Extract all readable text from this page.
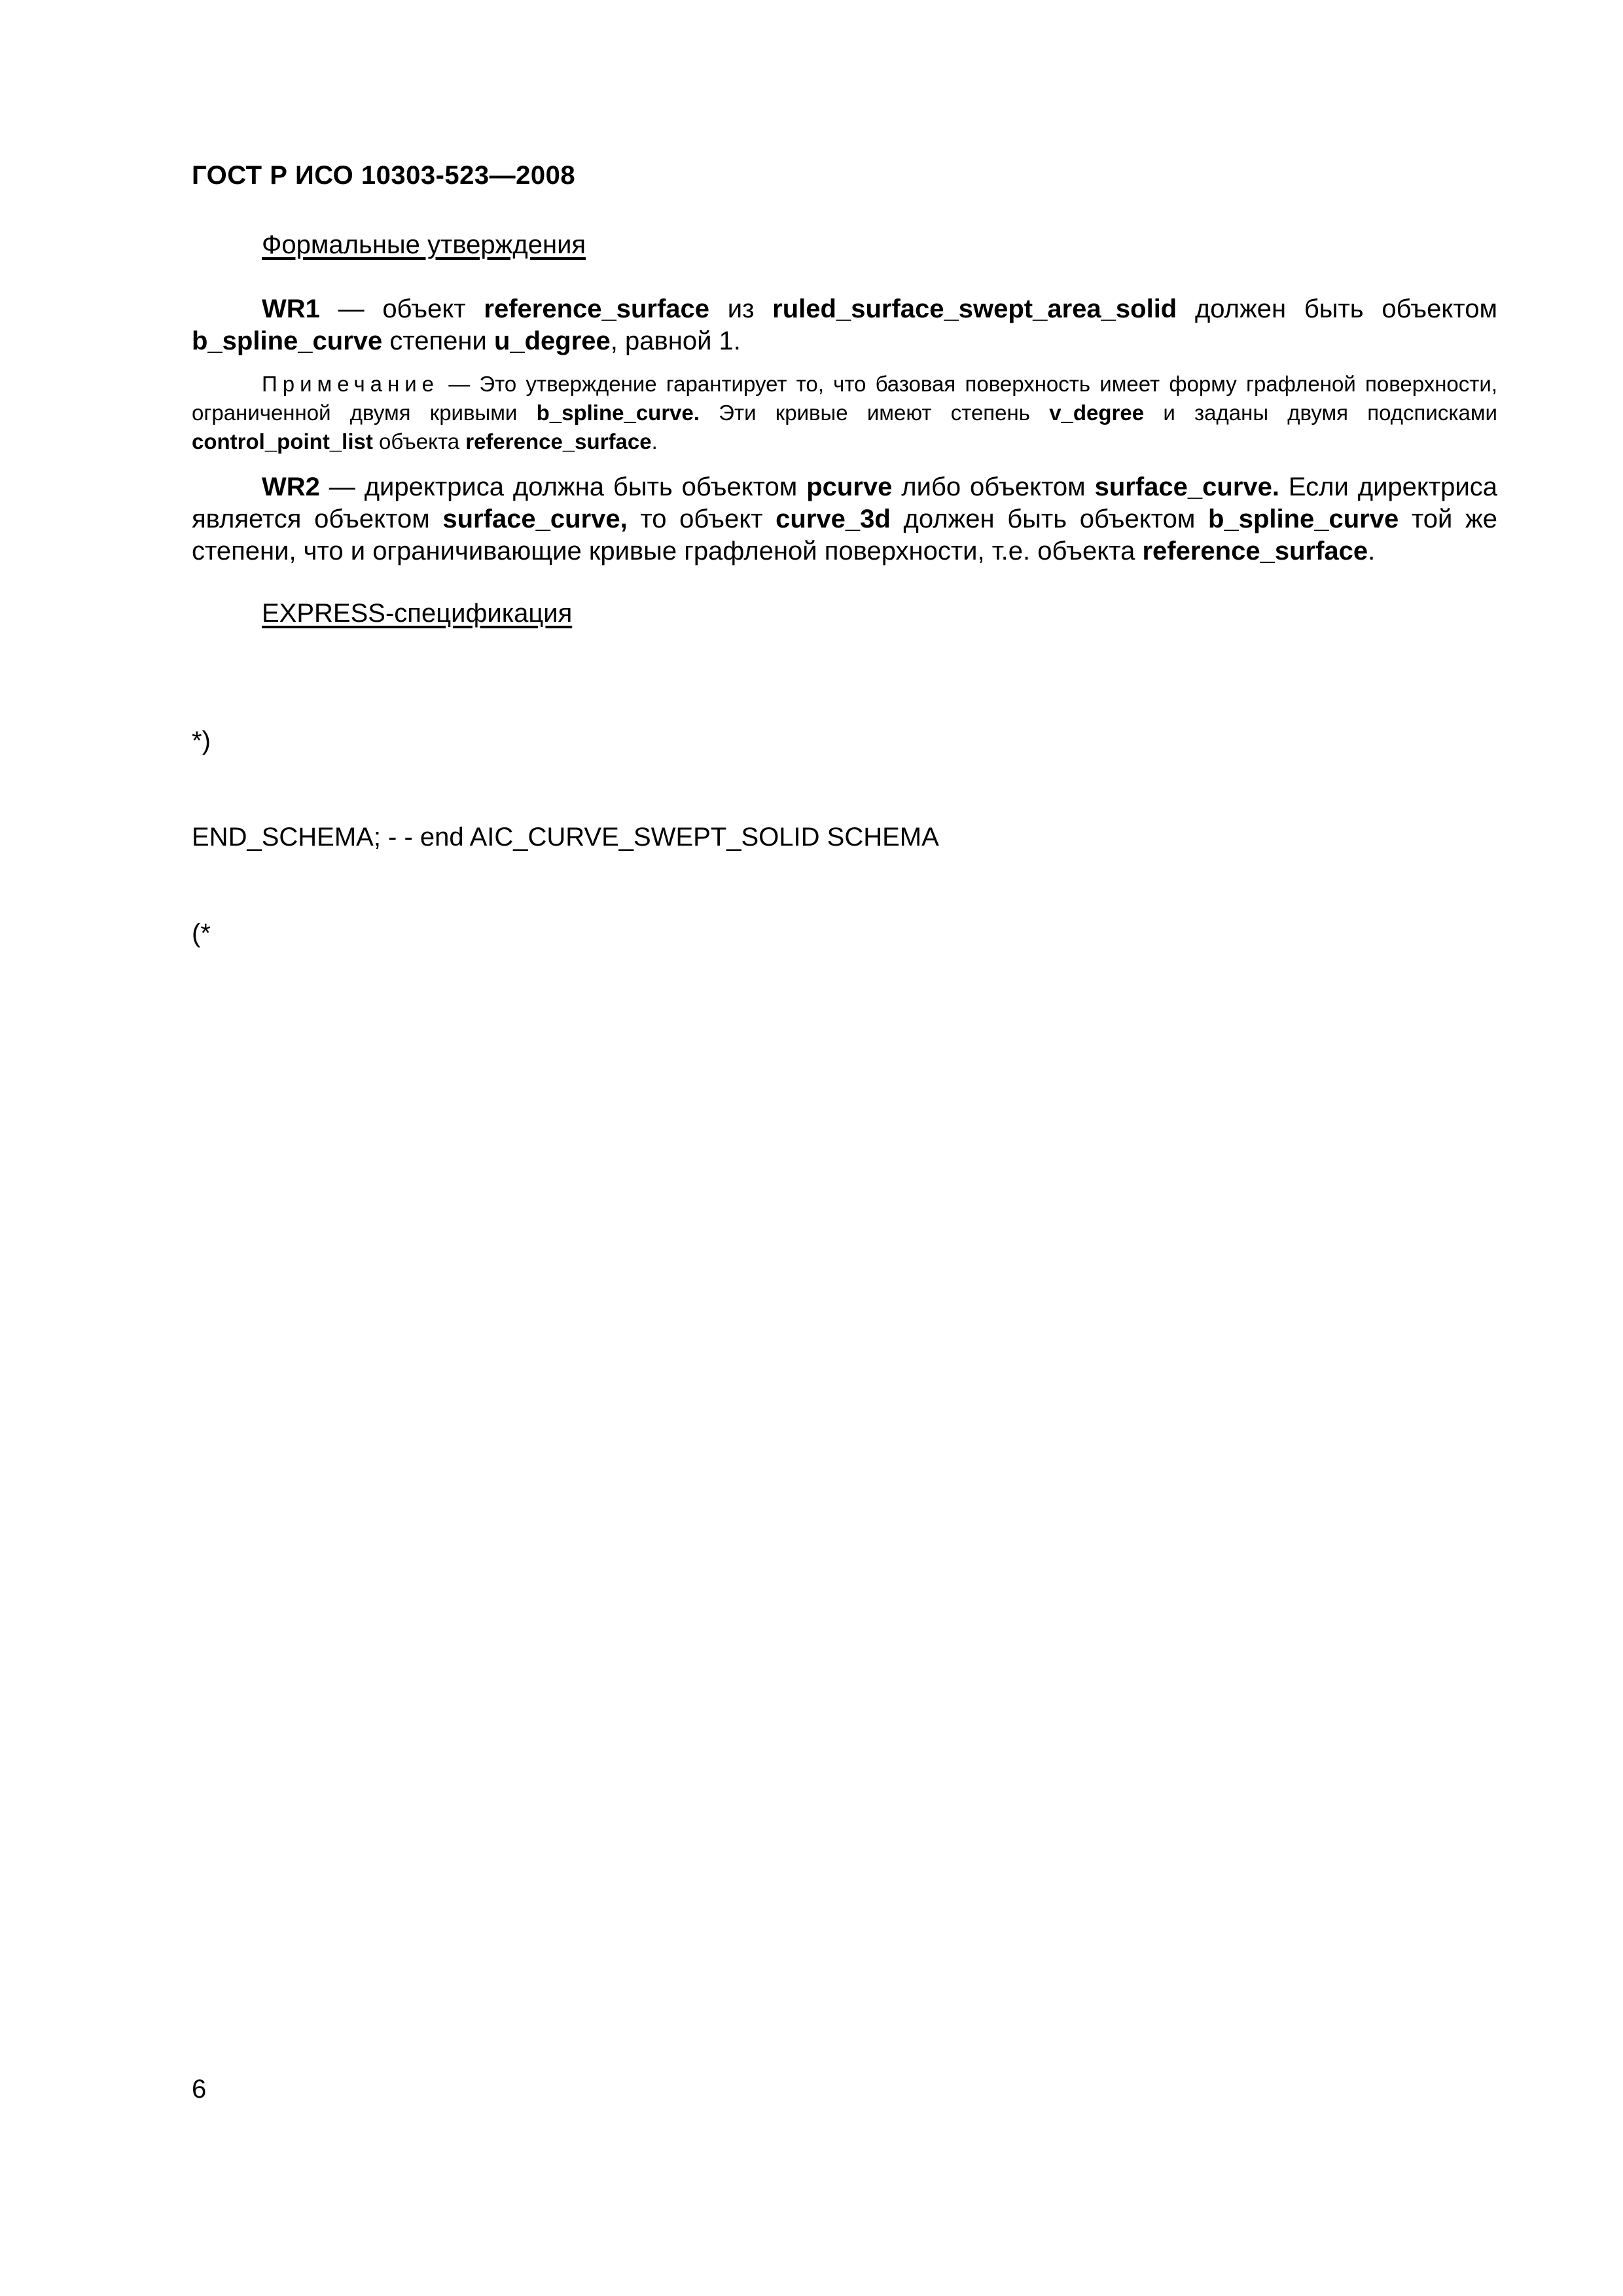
ГОСТ Р ИСО 10303-523—2008
Формальные утверждения

WR1 — объект reference_surface из ruled_surface_swept_area_solid должен быть объектом b_spline_curve степени u_degree, равной 1.

Примечание — Это утверждение гарантирует то, что базовая поверхность имеет форму графленой поверхности, ограниченной двумя кривыми b_spline_curve. Эти кривые имеют степень v_degree и заданы двумя подсписками control_point_list объекта reference_surface.

WR2 — директриса должна быть объектом pcurve либо объектом surface_curve. Если директриса является объектом surface_curve, то объект curve_3d должен быть объектом b_spline_curve той же степени, что и ограничивающие кривые графленой поверхности, т.е. объекта reference_surface.

EXPRESS-спецификация

*)

END_SCHEMA; - - end AIC_CURVE_SWEPT_SOLID SCHEMA

(*

6
